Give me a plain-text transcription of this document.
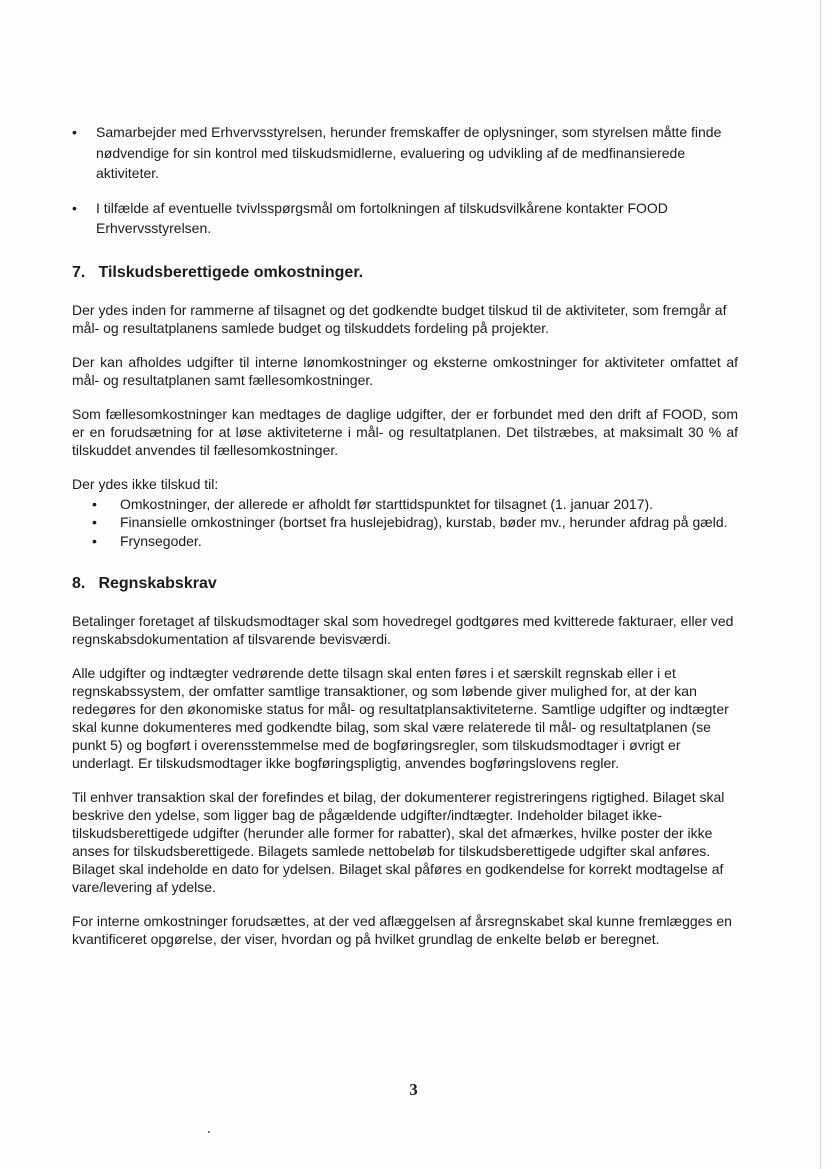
•	Samarbejder med Erhvervsstyrelsen, herunder fremskaffer de oplysninger, som styrelsen måtte finde nødvendige for sin kontrol med tilskudsmidlerne, evaluering og udvikling af de medfinansierede aktiviteter.
•	I tilfælde af eventuelle tvivlsspørgsmål om fortolkningen af tilskudsvilkårene kontakter FOOD Erhvervsstyrelsen.
7. Tilskudsberettigede omkostninger.

Der ydes inden for rammerne af tilsagnet og det godkendte budget tilskud til de aktiviteter, som fremgår af mål- og resultatplanens samlede budget og tilskuddets fordeling på projekter.

Der kan afholdes udgifter til interne lønomkostninger og eksterne omkostninger for aktiviteter omfattet af mål- og resultatplanen samt fællesomkostninger.

Som fællesomkostninger kan medtages de daglige udgifter, der er forbundet med den drift af FOOD, som er en forudsætning for at løse aktiviteterne i mål- og resultatplanen. Det tilstræbes, at maksimalt 30 % af tilskuddet anvendes til fællesomkostninger.

Der ydes ikke tilskud til:

• Omkostninger, der allerede er afholdt før starttidspunktet for tilsagnet (1. januar 2017).
• Finansielle omkostninger (bortset fra huslejebidrag), kurstab, bøder mv., herunder afdrag på gæld.
• Frynsegoder.
8. Regnskabskrav

Betalinger foretaget af tilskudsmodtager skal som hovedregel godtgøres med kvitterede fakturaer, eller ved regnskabsdokumentation af tilsvarende bevisværdi.

Alle udgifter og indtægter vedrørende dette tilsagn skal enten føres i et særskilt regnskab eller i et regnskabssystem, der omfatter samtlige transaktioner, og som løbende giver mulighed for, at der kan redegøres for den økonomiske status for mål- og resultatplansaktiviteterne. Samtlige udgifter og indtægter skal kunne dokumenteres med godkendte bilag, som skal være relaterede til mål- og resultatplanen (se punkt 5) og bogført i overensstemmelse med de bogføringsregler, som tilskudsmodtager i øvrigt er underlagt. Er tilskudsmodtager ikke bogføringspligtig, anvendes bogføringslovens regler.

Til enhver transaktion skal der forefindes et bilag, der dokumenterer registreringens rigtighed. Bilaget skal beskrive den ydelse, som ligger bag de pågældende udgifter/indtægter. Indeholder bilaget ikke-tilskudsberettigede udgifter (herunder alle former for rabatter), skal det afmærkes, hvilke poster der ikke anses for tilskudsberettigede. Bilagets samlede nettobeløb for tilskudsberettigede udgifter skal anføres. Bilaget skal indeholde en dato for ydelsen. Bilaget skal påføres en godkendelse for korrekt modtagelse af vare/levering af ydelse.

For interne omkostninger forudsættes, at der ved aflæggelsen af årsregnskabet skal kunne fremlægges en kvantificeret opgørelse, der viser, hvordan og på hvilket grundlag de enkelte beløb er beregnet.

3
